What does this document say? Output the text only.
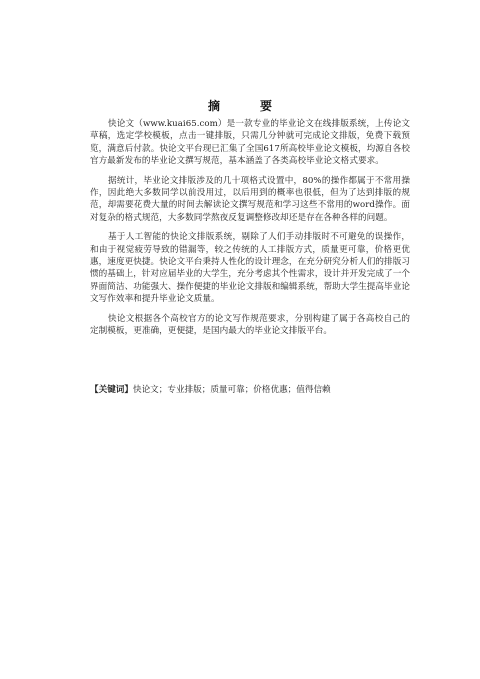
摘　要

快论文（www.kuai65.com）是一款专业的毕业论文在线排版系统，上传论文草稿，选定学校模板，点击一键排版，只需几分钟就可完成论文排版，免费下载预览，满意后付款。快论文平台现已汇集了全国617所高校毕业论文模板，均源自各校官方最新发布的毕业论文撰写规范，基本涵盖了各类高校毕业论文格式要求。

据统计，毕业论文排版涉及的几十项格式设置中，80%的操作都属于不常用操作，因此绝大多数同学以前没用过，以后用到的概率也很低，但为了达到排版的规范，却需要花费大量的时间去解读论文撰写规范和学习这些不常用的word操作。面对复杂的格式规范，大多数同学熬夜反复调整修改却还是存在各种各样的问题。

基于人工智能的快论文排版系统，剔除了人们手动排版时不可避免的误操作，和由于视觉疲劳导致的错漏等，较之传统的人工排版方式，质量更可靠，价格更优惠，速度更快捷。快论文平台秉持人性化的设计理念，在充分研究分析人们的排版习惯的基础上，针对应届毕业的大学生，充分考虑其个性需求，设计并开发完成了一个界面简洁、功能强大、操作便捷的毕业论文排版和编辑系统，帮助大学生提高毕业论文写作效率和提升毕业论文质量。

快论文根据各个高校官方的论文写作规范要求，分别构建了属于各高校自己的定制模板，更准确，更便捷，是国内最大的毕业论文排版平台。

【关键词】快论文；专业排版；质量可靠；价格优惠；值得信赖
